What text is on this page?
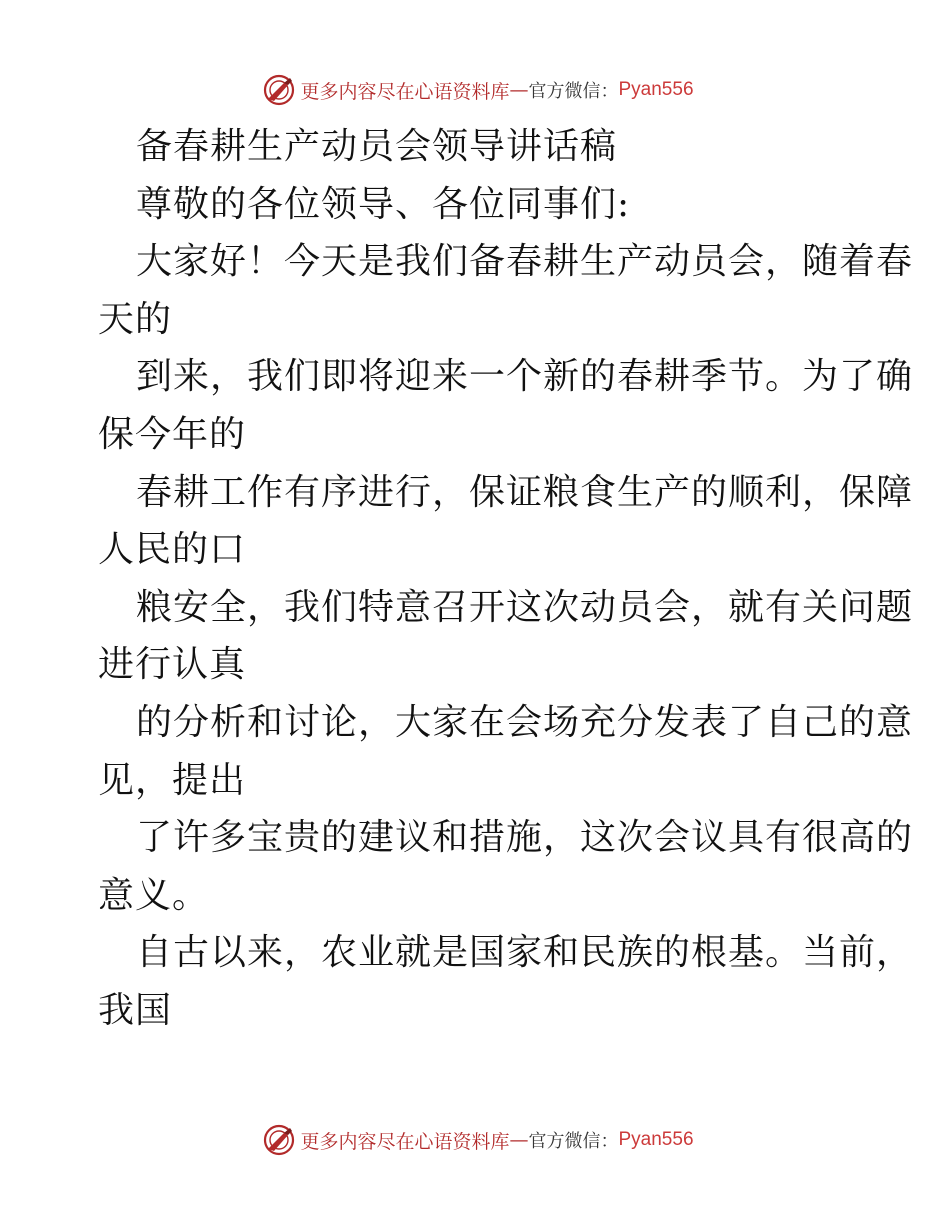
更多内容尽在心语资料库 — 官方微信： Pyan556
备春耕生产动员会领导讲话稿
尊敬的各位领导、各位同事们:
大家好！今天是我们备春耕生产动员会，随着春
天的
到来，我们即将迎来一个新的春耕季节。为了确
保今年的
春耕工作有序进行，保证粮食生产的顺利，保障
人民的口
粮安全，我们特意召开这次动员会，就有关问题
进行认真
的分析和讨论，大家在会场充分发表了自己的意
见，提出
了许多宝贵的建议和措施，这次会议具有很高的
意义。
自古以来，农业就是国家和民族的根基。当前，
我国
更多内容尽在心语资料库 — 官方微信： Pyan556
